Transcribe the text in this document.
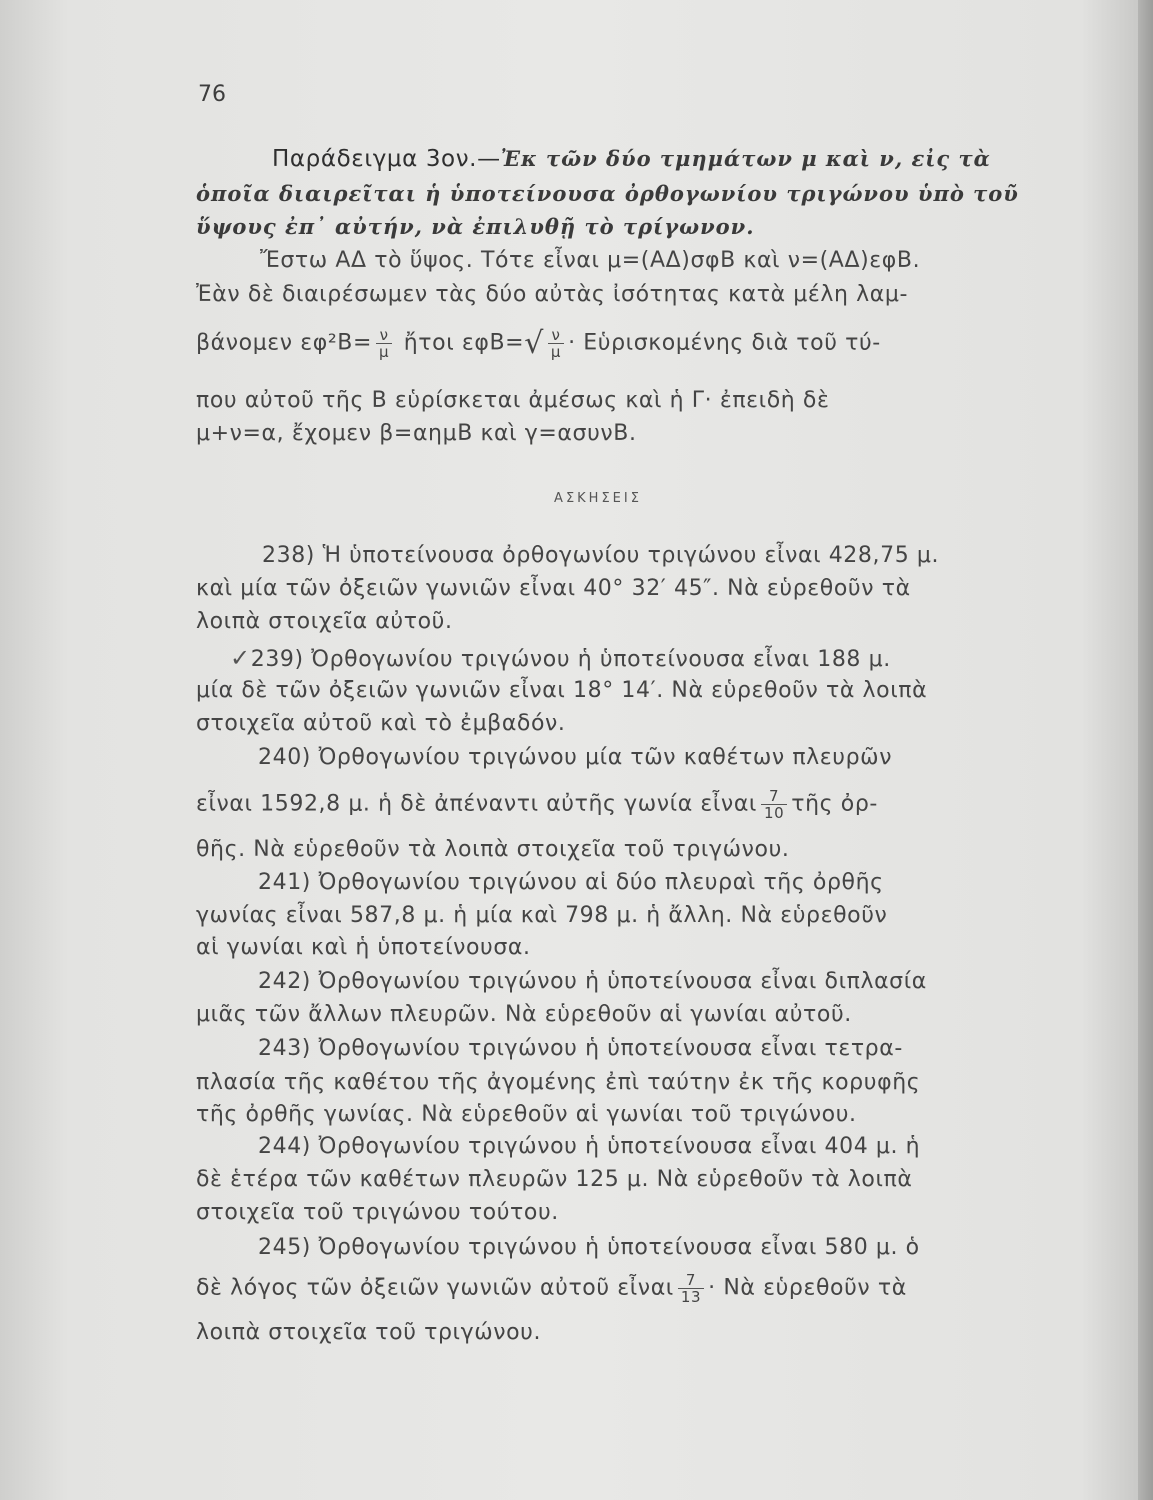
76
Παράδειγμα 3ον.—Ἐκ τῶν δύο τμημάτων μ καὶ ν, εἰς τὰ
ὁποῖα διαιρεῖται ἡ ὑποτείνουσα ὀρθογωνίου τριγώνου ὑπὸ τοῦ
ὕψους ἐπ᾽ αὐτήν, νὰ ἐπιλυθῇ τὸ τρίγωνον.
Ἔστω ΑΔ τὸ ὕψος. Τότε εἶναι μ=(ΑΔ)σφΒ καὶ ν=(ΑΔ)εφΒ.
Ἐὰν δὲ διαιρέσωμεν τὰς δύο αὐτὰς ἰσότητας κατὰ μέλη λαμ-
βάνομεν $\varepsilon\varphi^2B= \frac{\nu}{\mu}$ ἤτοι $\varepsilon\varphi B=√ \frac{\nu}{\mu}$ · Εὑρισκομένης διὰ τοῦ τύ-
που αὐτοῦ τῆς Β εὑρίσκεται ἀμέσως καὶ ἡ Γ· ἐπειδὴ δὲ
μ+ν=α, ἔχομεν β=αημΒ καὶ γ=ασυνΒ.
ΑΣΚΗΣΕΙΣ
238) Ἡ ὑποτείνουσα ὀρθογωνίου τριγώνου εἶναι 428,75 μ.
καὶ μία τῶν ὀξειῶν γωνιῶν εἶναι 40° 32′ 45″. Νὰ εὑρεθοῦν τὰ
λοιπὰ στοιχεῖα αὐτοῦ.
✓239) Ὀρθογωνίου τριγώνου ἡ ὑποτείνουσα εἶναι 188 μ.
μία δὲ τῶν ὀξειῶν γωνιῶν εἶναι 18° 14′. Νὰ εὑρεθοῦν τὰ λοιπὰ
στοιχεῖα αὐτοῦ καὶ τὸ ἐμβαδόν.
240) Ὀρθογωνίου τριγώνου μία τῶν καθέτων πλευρῶν
εἶναι 1592,8 μ. ἡ δὲ ἀπέναντι αὐτῆς γωνία εἶναι $\frac{7}{10}$ τῆς ὀρ-
θῆς. Νὰ εὑρεθοῦν τὰ λοιπὰ στοιχεῖα τοῦ τριγώνου.
241) Ὀρθογωνίου τριγώνου αἱ δύο πλευραὶ τῆς ὀρθῆς
γωνίας εἶναι 587,8 μ. ἡ μία καὶ 798 μ. ἡ ἄλλη. Νὰ εὑρεθοῦν
αἱ γωνίαι καὶ ἡ ὑποτείνουσα.
242) Ὀρθογωνίου τριγώνου ἡ ὑποτείνουσα εἶναι διπλασία
μιᾶς τῶν ἄλλων πλευρῶν. Νὰ εὑρεθοῦν αἱ γωνίαι αὐτοῦ.
243) Ὀρθογωνίου τριγώνου ἡ ὑποτείνουσα εἶναι τετρα-
πλασία τῆς καθέτου τῆς ἀγομένης ἐπὶ ταύτην ἐκ τῆς κορυφῆς
τῆς ὀρθῆς γωνίας. Νὰ εὑρεθοῦν αἱ γωνίαι τοῦ τριγώνου.
244) Ὀρθογωνίου τριγώνου ἡ ὑποτείνουσα εἶναι 404 μ. ἡ
δὲ ἑτέρα τῶν καθέτων πλευρῶν 125 μ. Νὰ εὑρεθοῦν τὰ λοιπὰ
στοιχεῖα τοῦ τριγώνου τούτου.
245) Ὀρθογωνίου τριγώνου ἡ ὑποτείνουσα εἶναι 580 μ. ὁ
δὲ λόγος τῶν ὀξειῶν γωνιῶν αὐτοῦ εἶναι $\frac{7}{13}$ · Νὰ εὑρεθοῦν τὰ
λοιπὰ στοιχεῖα τοῦ τριγώνου.
